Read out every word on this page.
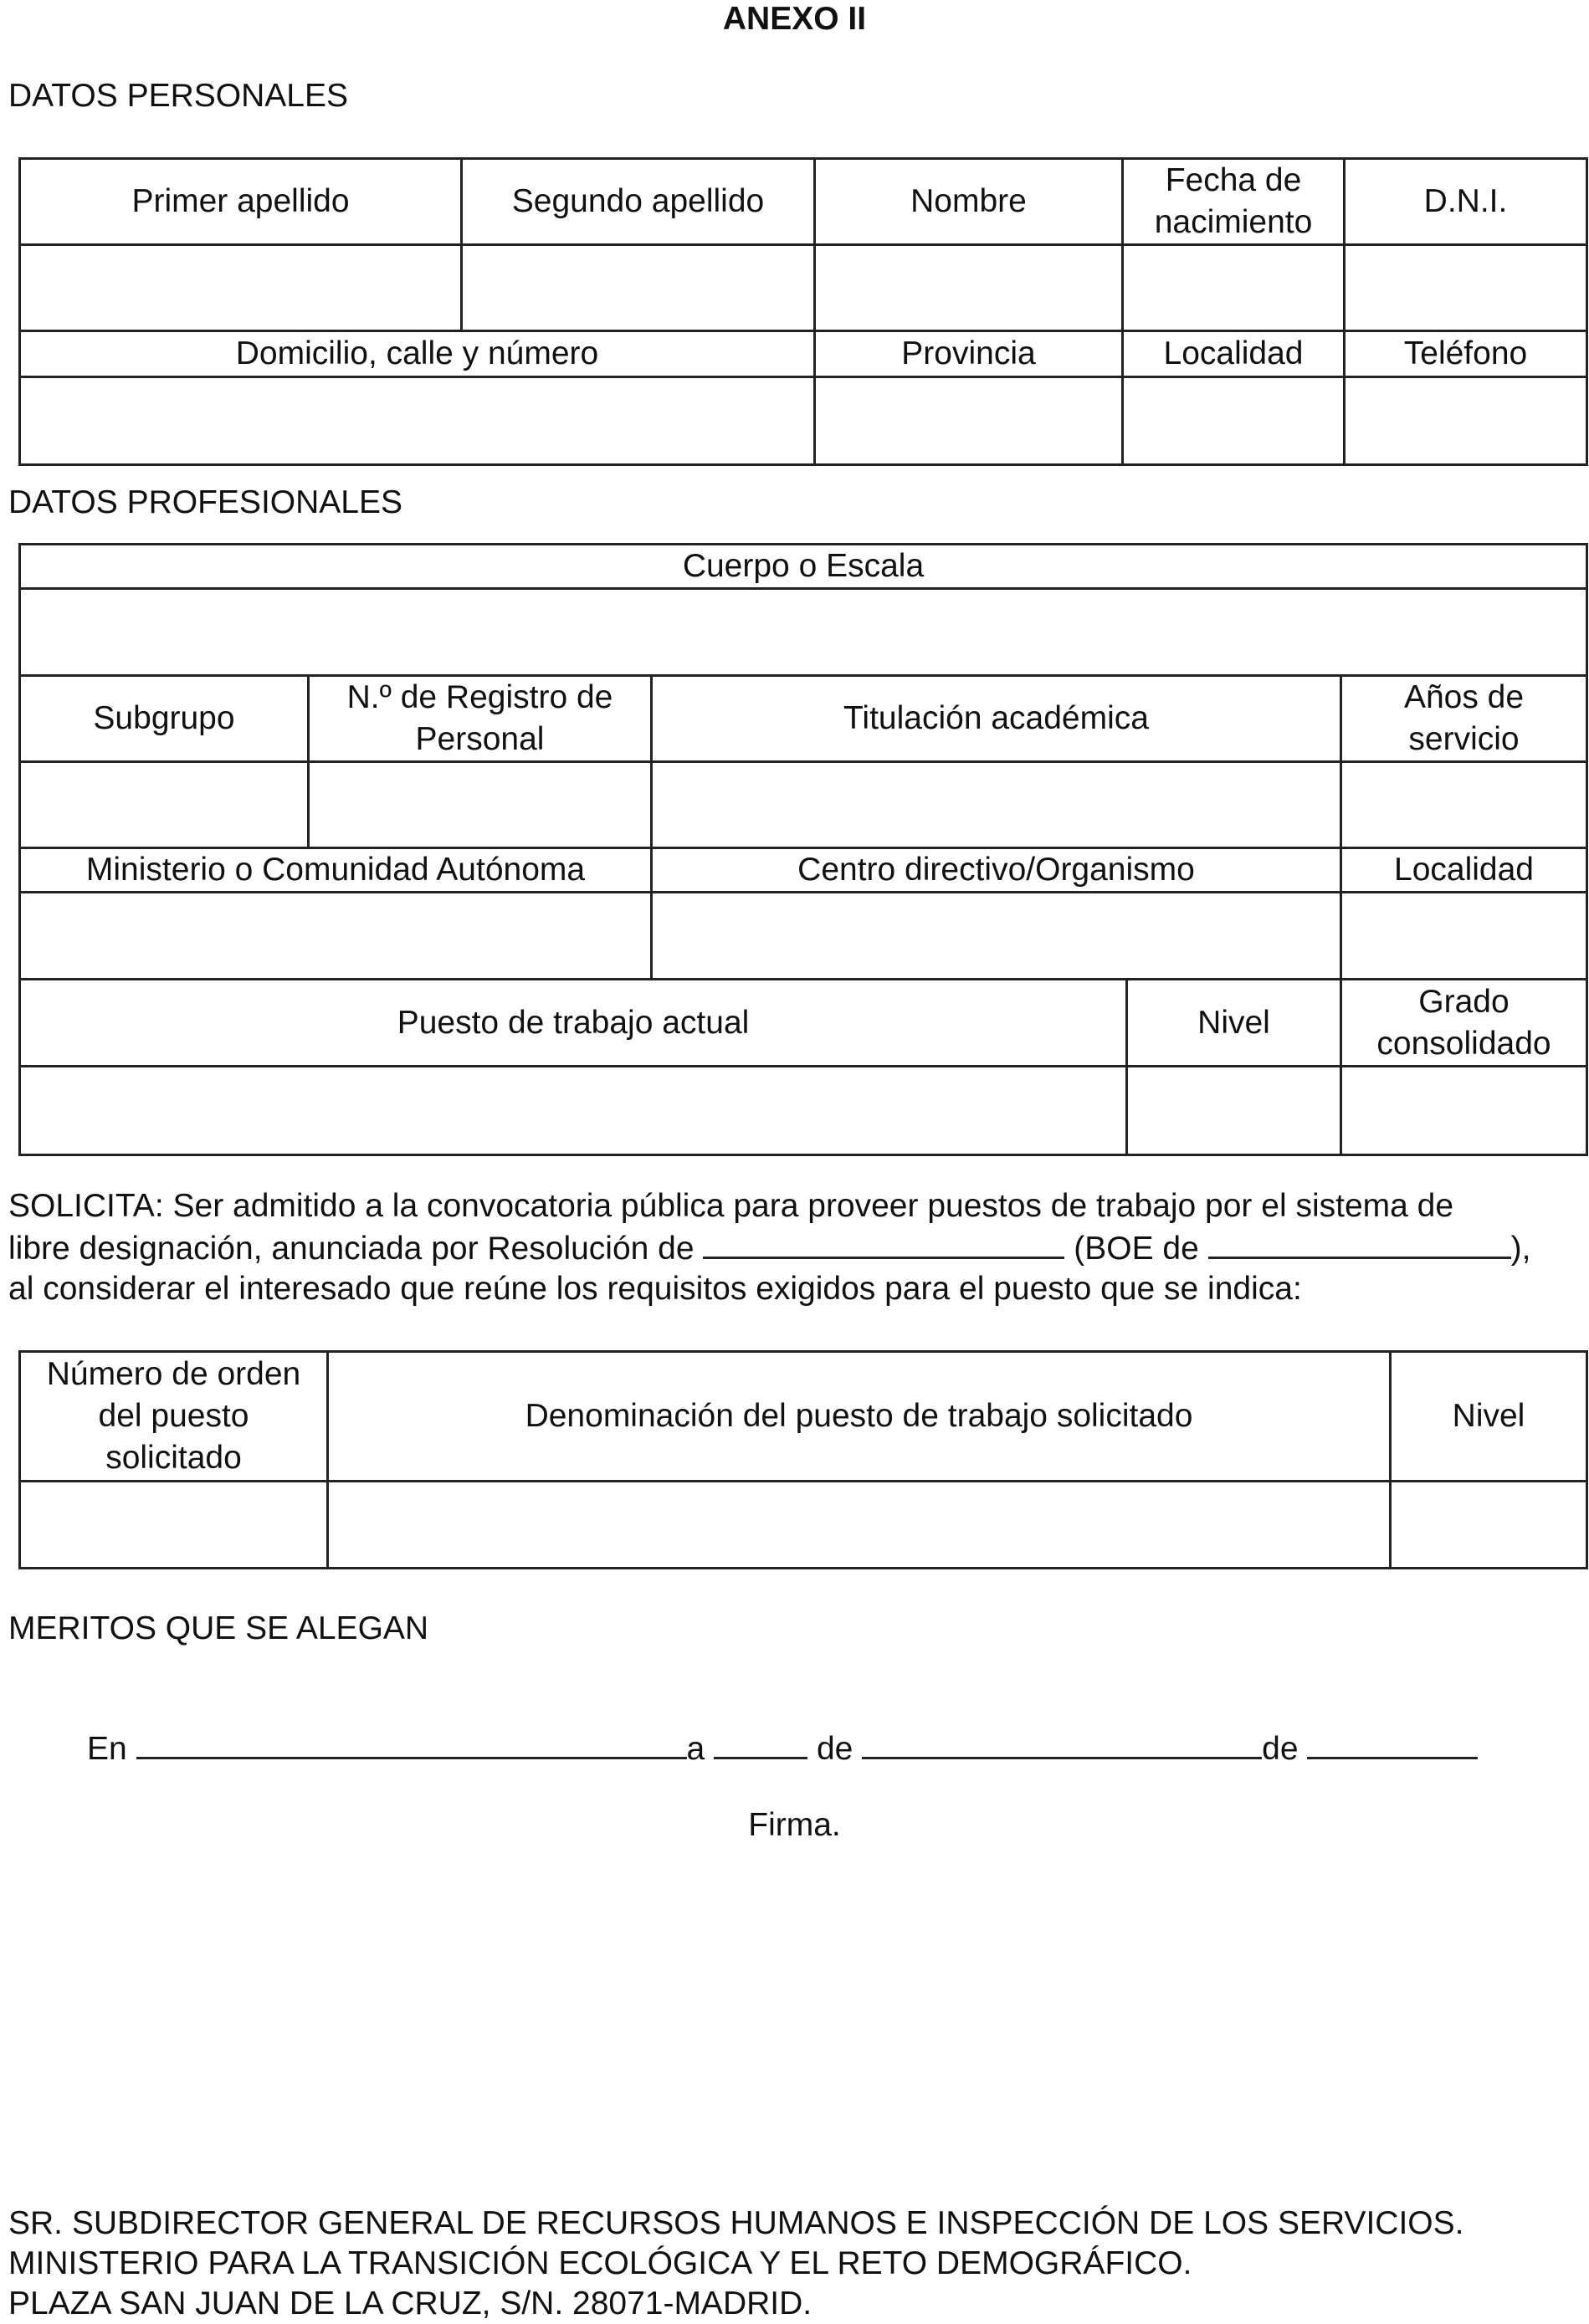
ANEXO II
DATOS PERSONALES
Primer apellido	Segundo apellido	Nombre	Fecha de nacimiento	D.N.I.

Domicilio, calle y número		Provincia	Localidad	Teléfono

DATOS PROFESIONALES
Cuerpo o Escala				

Subgrupo	N.º de Registro de Personal	Titulación académica		Años de servicio

Ministerio o Comunidad Autónoma		Centro directivo/Organismo		Localidad

Puesto de trabajo actual			Nivel	Grado consolidado

SOLICITA: Ser admitido a la convocatoria pública para proveer puestos de trabajo por el sistema de
libre designación, anunciada por Resolución de	(BOE de	),
al considerar el interesado que reúne los requisitos exigidos para el puesto que se indica:
Número de orden del puesto solicitado	Denominación del puesto de trabajo solicitado	Nivel

MERITOS QUE SE ALEGAN
En	a	de	de
Firma.
SR. SUBDIRECTOR GENERAL DE RECURSOS HUMANOS E INSPECCIÓN DE LOS SERVICIOS.
MINISTERIO PARA LA TRANSICIÓN ECOLÓGICA Y EL RETO DEMOGRÁFICO.
PLAZA SAN JUAN DE LA CRUZ, S/N. 28071-MADRID.
